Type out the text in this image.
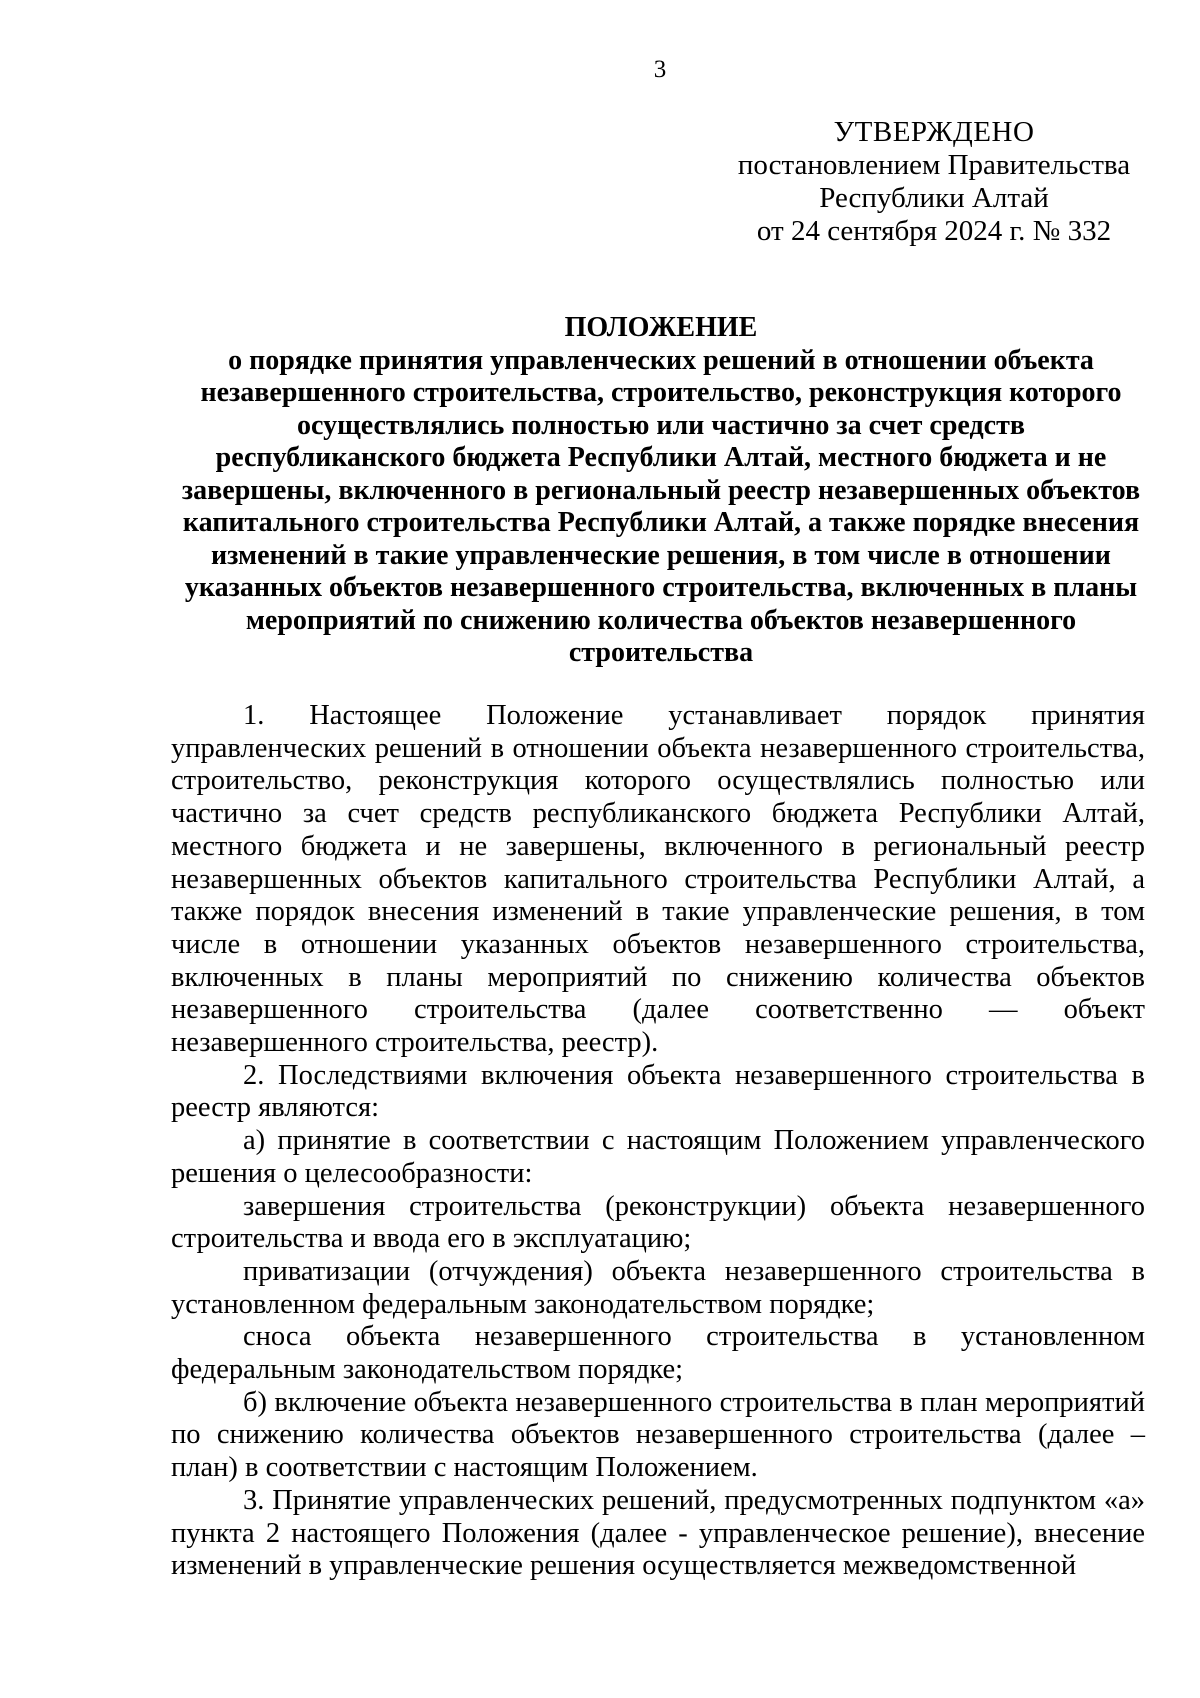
3
УТВЕРЖДЕНО
постановлением Правительства
Республики Алтай
от 24 сентября 2024 г. № 332
ПОЛОЖЕНИЕ
о порядке принятия управленческих решений в отношении объекта
незавершенного строительства, строительство, реконструкция которого
осуществлялись полностью или частично за счет средств
республиканского бюджета Республики Алтай, местного бюджета и не
завершены, включенного в региональный реестр незавершенных объектов
капитального строительства Республики Алтай, а также порядке внесения
изменений в такие управленческие решения, в том числе в отношении
указанных объектов незавершенного строительства, включенных в планы
мероприятий по снижению количества объектов незавершенного
строительства

1. Настоящее Положение устанавливает порядок принятия управленческих решений в отношении объекта незавершенного строительства, строительство, реконструкция которого осуществлялись полностью или частично за счет средств республиканского бюджета Республики Алтай, местного бюджета и не завершены, включенного в региональный реестр незавершенных объектов капитального строительства Республики Алтай, а также порядок внесения изменений в такие управленческие решения, в том числе в отношении указанных объектов незавершенного строительства, включенных в планы мероприятий по снижению количества объектов незавершенного строительства (далее соответственно — объект незавершенного строительства, реестр).

2. Последствиями включения объекта незавершенного строительства в реестр являются:

а) принятие в соответствии с настоящим Положением управленческого решения о целесообразности:

завершения строительства (реконструкции) объекта незавершенного строительства и ввода его в эксплуатацию;

приватизации (отчуждения) объекта незавершенного строительства в установленном федеральным законодательством порядке;

сноса объекта незавершенного строительства в установленном федеральным законодательством порядке;

б) включение объекта незавершенного строительства в план мероприятий по снижению количества объектов незавершенного строительства (далее – план) в соответствии с настоящим Положением.

3. Принятие управленческих решений, предусмотренных подпунктом «а» пункта 2 настоящего Положения (далее - управленческое решение), внесение изменений в управленческие решения осуществляется межведомственной
